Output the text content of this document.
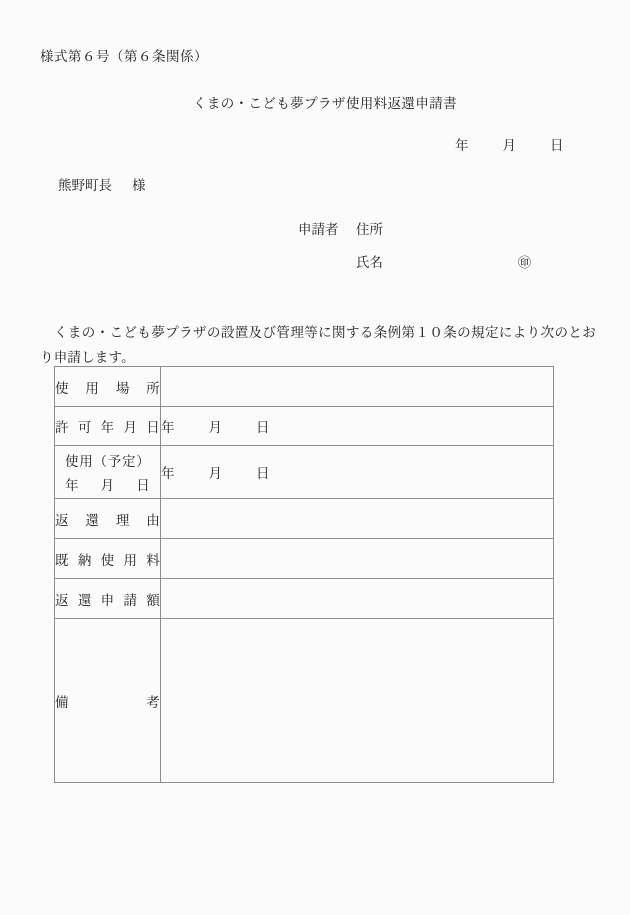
様式第６号（第６条関係）
くまの・こども夢プラザ使用料返還申請書
年	月	日
熊野町長 様
申請者	住所
氏名	㊞
くまの・こども夢プラザの設置及び管理等に関する条例第１０条の規定により次のとおり申請します。
使 用 場 所	

許 可 年 月 日	年 月 日

使 用 （ 予 定 ）
年 月 日
	年	月	日

返 還 理 由	

既 納 使 用 料	

返 還 申 請 額	

備 考	
